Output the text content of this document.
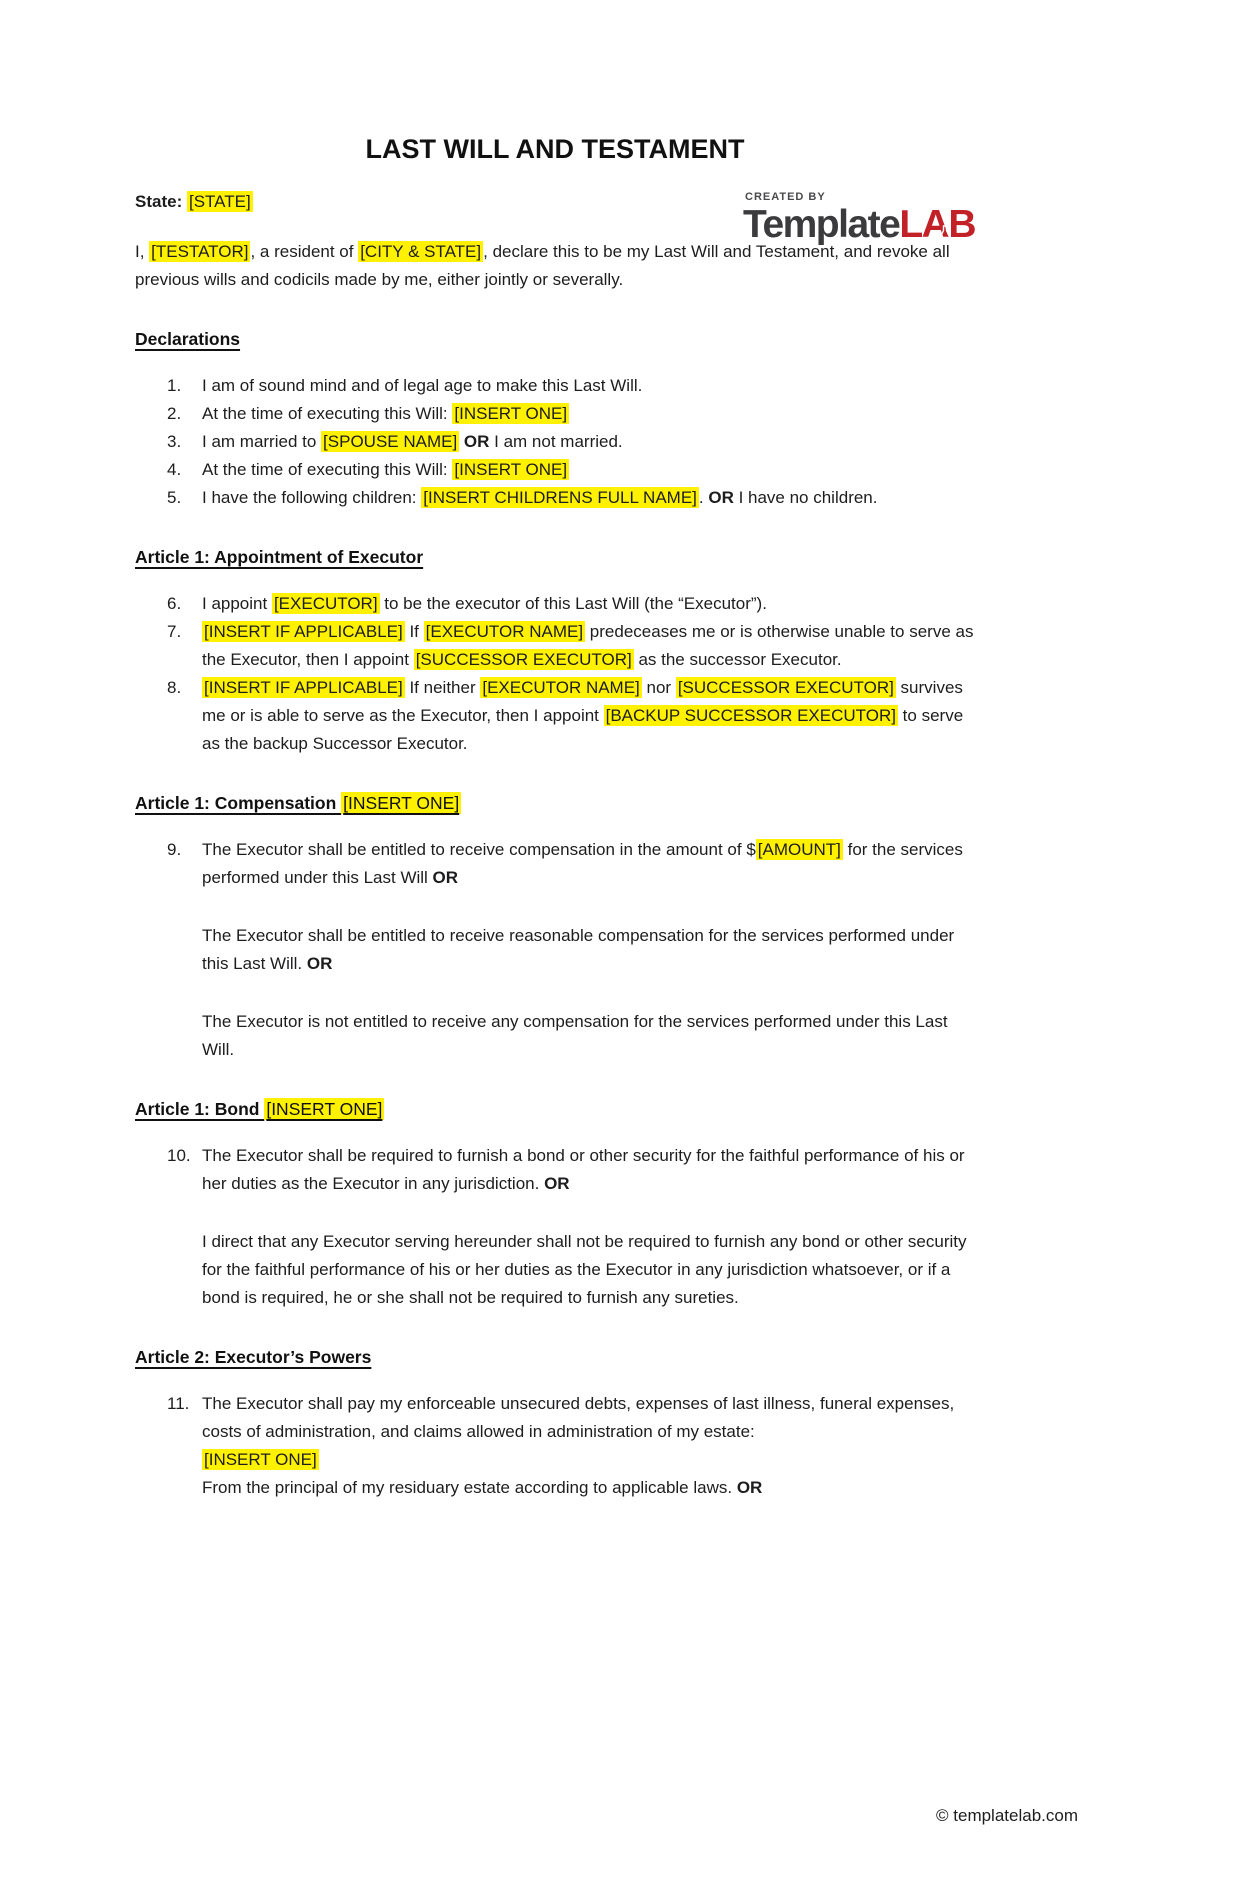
CREATED BY
TemplateLAB
LAST WILL AND TESTAMENT

State: [STATE]

I, [TESTATOR] , a resident of [CITY & STATE] , declare this to be my Last Will and Testament, and revoke all previous wills and codicils made by me, either jointly or severally.

Declarations
1.	I am of sound mind and of legal age to make this Last Will.
2.	At the time of executing this Will: [INSERT ONE]
3.	I am married to [SPOUSE NAME] OR I am not married.
4.	At the time of executing this Will: [INSERT ONE]
5.	I have the following children: [INSERT CHILDRENS FULL NAME] . OR I have no children.
Article 1: Appointment of Executor
6.	I appoint [EXECUTOR] to be the executor of this Last Will (the “Executor”).
7.	[INSERT IF APPLICABLE] If [EXECUTOR NAME] predeceases me or is otherwise unable to serve as the Executor, then I appoint [SUCCESSOR EXECUTOR] as the successor Executor.
8.	[INSERT IF APPLICABLE] If neither [EXECUTOR NAME] nor [SUCCESSOR EXECUTOR] survives me or is able to serve as the Executor, then I appoint [BACKUP SUCCESSOR EXECUTOR] to serve as the backup Successor Executor.
Article 1: Compensation [INSERT ONE]
9.	The Executor shall be entitled to receive compensation in the amount of $ [AMOUNT] for the services performed under this Last Will OR
The Executor shall be entitled to receive reasonable compensation for the services performed under this Last Will. OR
The Executor is not entitled to receive any compensation for the services performed under this Last Will.
Article 1: Bond [INSERT ONE]
10. The Executor shall be required to furnish a bond or other security for the faithful performance of his or her duties as the Executor in any jurisdiction. OR
I direct that any Executor serving hereunder shall not be required to furnish any bond or other security for the faithful performance of his or her duties as the Executor in any jurisdiction whatsoever, or if a bond is required, he or she shall not be required to furnish any sureties.
Article 2: Executor’s Powers
11. The Executor shall pay my enforceable unsecured debts, expenses of last illness, funeral expenses, costs of administration, and claims allowed in administration of my estate:
[INSERT ONE]
From the principal of my residuary estate according to applicable laws. OR
© templatelab.com
